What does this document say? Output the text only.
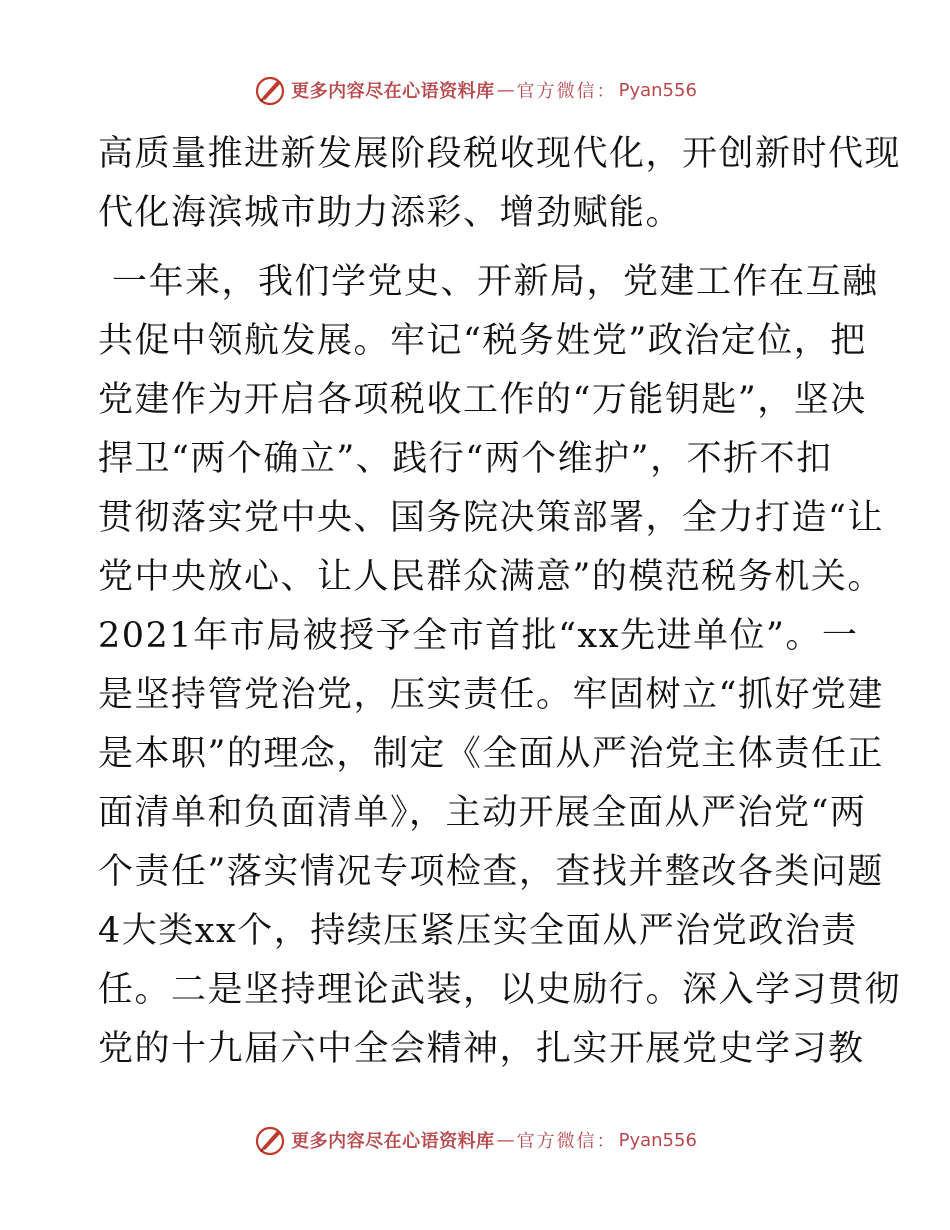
更多内容尽在心语资料库 — 官方微信： Pyan556
高质量推进新发展阶段税收现代化，开创新时代现
代化海滨城市助力添彩、增劲赋能。
一年来，我们学党史、开新局，党建工作在互融
共促中领航发展。牢记“税务姓党”政治定位，把
党建作为开启各项税收工作的“万能钥匙”，坚决
捍卫“两个确立”、践行“两个维护”，不折不扣
贯彻落实党中央、国务院决策部署，全力打造“让
党中央放心、让人民群众满意”的模范税务机关。
2021年市局被授予全市首批“xx先进单位”。一
是坚持管党治党，压实责任。牢固树立“抓好党建
是本职”的理念，制定《全面从严治党主体责任正
面清单和负面清单》，主动开展全面从严治党“两
个责任”落实情况专项检查，查找并整改各类问题
4大类xx个，持续压紧压实全面从严治党政治责
任。二是坚持理论武装，以史励行。深入学习贯彻
党的十九届六中全会精神，扎实开展党史学习教
更多内容尽在心语资料库 — 官方微信： Pyan556
